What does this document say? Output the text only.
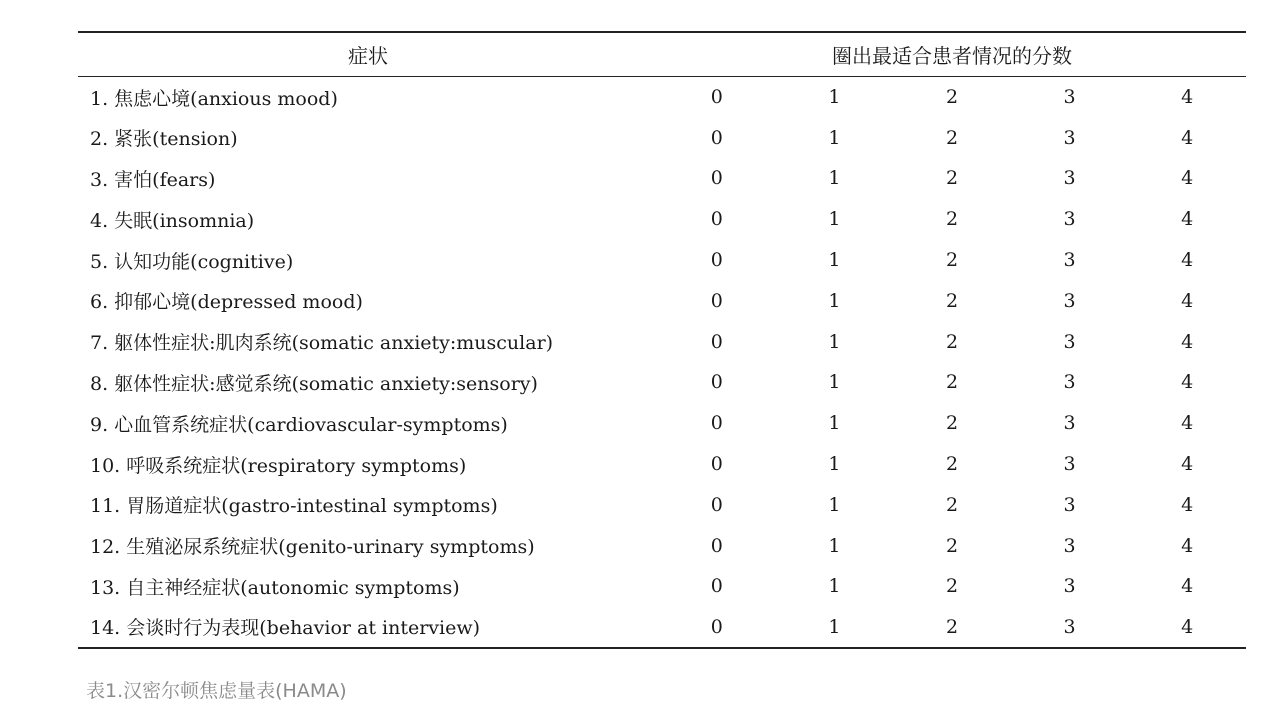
症状	圈出最适合患者情况的分数				
1. 焦虑心境(anxious mood)	0	1	2	3	4
2. 紧张(tension)	0	1	2	3	4
3. 害怕(fears)	0	1	2	3	4
4. 失眠(insomnia)	0	1	2	3	4
5. 认知功能(cognitive)	0	1	2	3	4
6. 抑郁心境(depressed mood)	0	1	2	3	4
7. 躯体性症状:肌肉系统(somatic anxiety:muscular)	0	1	2	3	4
8. 躯体性症状:感觉系统(somatic anxiety:sensory)	0	1	2	3	4
9. 心血管系统症状(cardiovascular-symptoms)	0	1	2	3	4
10. 呼吸系统症状(respiratory symptoms)	0	1	2	3	4
11. 胃肠道症状(gastro-intestinal symptoms)	0	1	2	3	4
12. 生殖泌尿系统症状(genito-urinary symptoms)	0	1	2	3	4
13. 自主神经症状(autonomic symptoms)	0	1	2	3	4
14. 会谈时行为表现(behavior at interview)	0	1	2	3	4
表1.汉密尔顿焦虑量表(HAMA)
